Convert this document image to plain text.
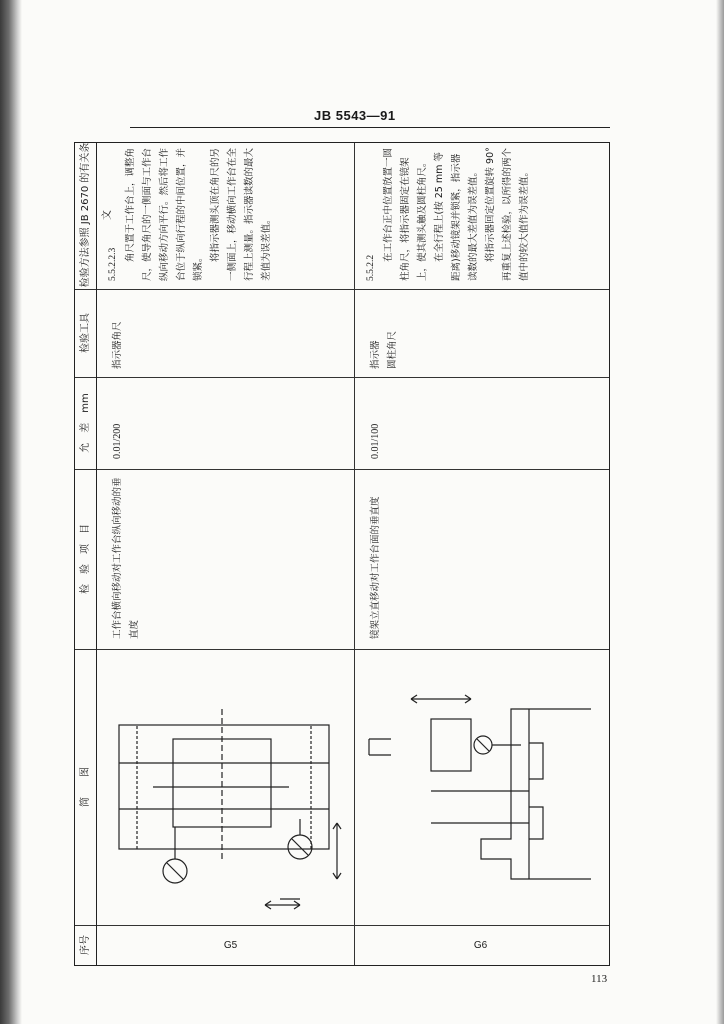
JB 5543—91
序号
简　　图
检　验　项　目
允　差　mm
检验工具
检验方法参照 JB 2670 的有关条文
G5
工作台横向移动对工作台纵向移动的垂直度
0.01/200
指示器角尺

5.5.2.2.3

角尺置于工作台上，调整角尺，使导角尺的一侧面与工作台纵向移动方向平行。然后将工作台位于纵向行程的中间位置，并锁紧。

将指示器测头顶在角尺的另一侧面上，移动横向工作台在全行程上测量。指示器读数的最大差值为误差值。

G6
镜架立直移动对工作台面的垂直度
0.01/100
指示器 圆柱角尺

5.5.2.2

在工作台正中位置放置一圆柱角尺，将指示器固定在镜架上，使其测头触及圆柱角尺。 在全行程上(按 25 mm 等距离)移动镜架并锁紧，指示器读数的最大差值为误差值。 将指示器回定位置旋转 90°再重复上述检验，以所得的两个值中的较大值作为误差值。

113
